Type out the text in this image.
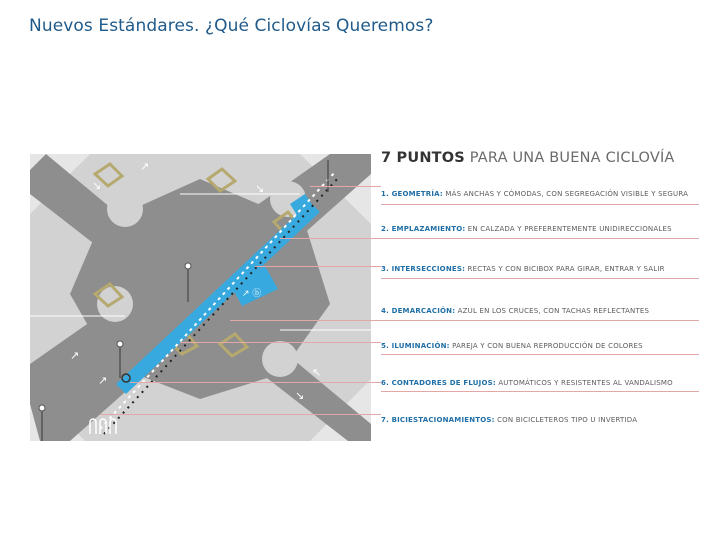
Nuevos Estándares. ¿Qué Ciclovías Queremos?
↗ ⓑ
↘
↗
↘
↗
↗
↖
↘
7 PUNTOS PARA UNA BUENA CICLOVÍA
1. GEOMETRÍA: MÁS ANCHAS Y CÓMODAS, CON SEGREGACIÓN VISIBLE Y SEGURA
2. EMPLAZAMIENTO: EN CALZADA Y PREFERENTEMENTE UNIDIRECCIONALES
3. INTERSECCIONES: RECTAS Y CON BICIBOX PARA GIRAR, ENTRAR Y SALIR
4. DEMARCACIÓN: AZUL EN LOS CRUCES, CON TACHAS REFLECTANTES
5. ILUMINACIÓN: PAREJA Y CON BUENA REPRODUCCIÓN DE COLORES
6. CONTADORES DE FLUJOS: AUTOMÁTICOS Y RESISTENTES AL VANDALISMO
7. BICIESTACIONAMIENTOS: CON BICICLETEROS TIPO U INVERTIDA
